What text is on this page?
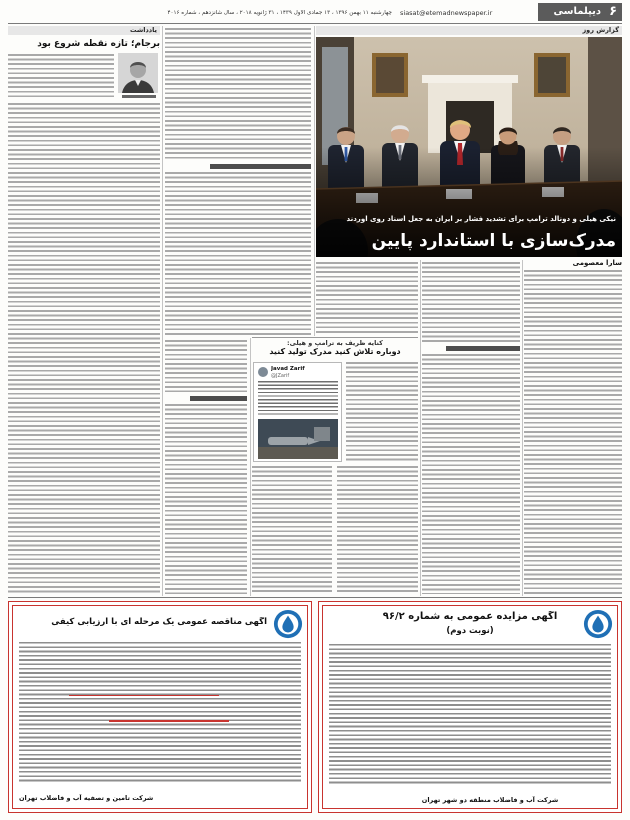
۶
دیپلماسی
siasat@etemadnewspaper.ir
چهارشنبه ۱۱ بهمن ۱۳۹۶ ، ۱۳ جمادی الاول ۱۴۳۹ ، ۳۱ ژانویه ۲۰۱۸ ، سال شانزدهم ، شماره ۴۰۱۶
یادداشت
برجام؛ تازه نقطه شروع بود
گزارش روز
نیکی هیلی و دونالد ترامپ برای تشدید فشار بر ایران به جعل اسناد روی آوردند
مدرک‌سازی با استاندارد پایین
سارا معصومی
کنایه ظریف به ترامپ و هیلی:
دوباره تلاش کنید مدرک تولید کنید
Javad Zarif
@JZarif
آگهی مناقصه عمومی یک مرحله ای با ارزیابی کیفی
شرکت تامین و تصفیه آب و فاضلاب تهران
آگهی مزایده عمومی به شماره ۹۶/۲
(نوبت دوم)
شرکت آب و فاضلاب منطقه دو شهر تهران
